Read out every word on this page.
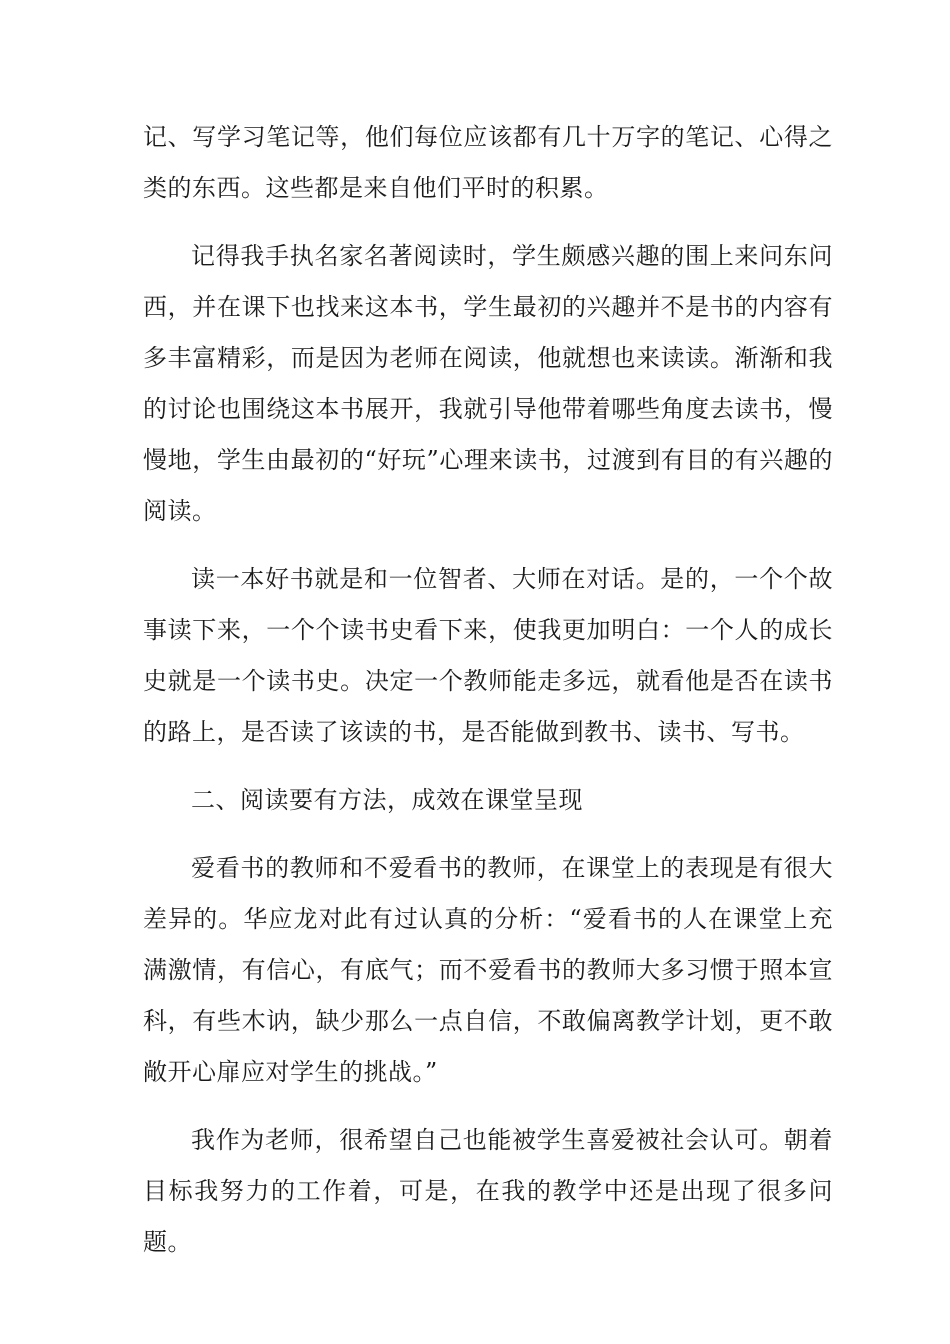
记、写学习笔记等，他们每位应该都有几十万字的笔记、心得之类的东西。这些都是来自他们平时的积累。

记得我手执名家名著阅读时，学生颇感兴趣的围上来问东问西，并在课下也找来这本书，学生最初的兴趣并不是书的内容有多丰富精彩，而是因为老师在阅读，他就想也来读读。渐渐和我的讨论也围绕这本书展开，我就引导他带着哪些角度去读书，慢慢地，学生由最初的“好玩”心理来读书，过渡到有目的有兴趣的阅读。

读一本好书就是和一位智者、大师在对话。是的，一个个故事读下来，一个个读书史看下来，使我更加明白：一个人的成长史就是一个读书史。决定一个教师能走多远，就看他是否在读书的路上，是否读了该读的书，是否能做到教书、读书、写书。

二、阅读要有方法，成效在课堂呈现

爱看书的教师和不爱看书的教师，在课堂上的表现是有很大差异的。华应龙对此有过认真的分析：“爱看书的人在课堂上充满激情，有信心，有底气；而不爱看书的教师大多习惯于照本宣科，有些木讷，缺少那么一点自信，不敢偏离教学计划，更不敢敞开心扉应对学生的挑战。”

我作为老师，很希望自己也能被学生喜爱被社会认可。朝着目标我努力的工作着，可是，在我的教学中还是出现了很多问题。
